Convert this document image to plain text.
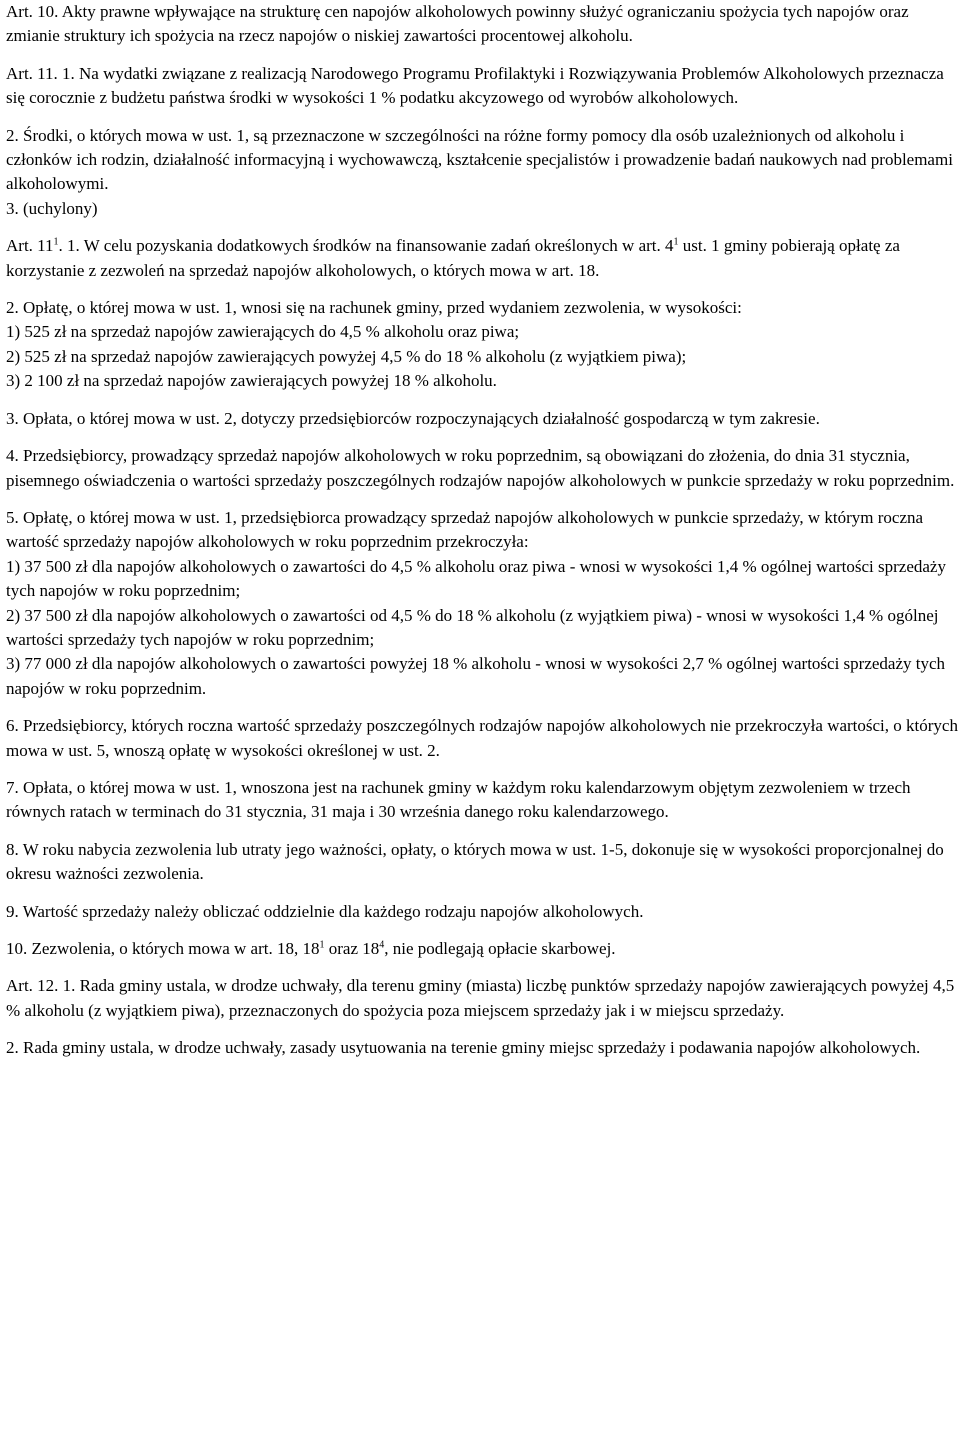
Art. 10. Akty prawne wpływające na strukturę cen napojów alkoholowych powinny służyć ograniczaniu spożycia tych napojów oraz zmianie struktury ich spożycia na rzecz napojów o niskiej zawartości procentowej alkoholu.

Art. 11. 1. Na wydatki związane z realizacją Narodowego Programu Profilaktyki i Rozwiązywania Problemów Alkoholowych przeznacza się corocznie z budżetu państwa środki w wysokości 1 % podatku akcyzowego od wyrobów alkoholowych.

2. Środki, o których mowa w ust. 1, są przeznaczone w szczególności na różne formy pomocy dla osób uzależnionych od alkoholu i członków ich rodzin, działalność informacyjną i wychowawczą, kształcenie specjalistów i prowadzenie badań naukowych nad problemami alkoholowymi.

3. (uchylony)

Art. $11^1$. 1. W celu pozyskania dodatkowych środków na finansowanie zadań określonych w art. $4^1$ ust. 1 gminy pobierają opłatę za korzystanie z zezwoleń na sprzedaż napojów alkoholowych, o których mowa w art. 18.

2. Opłatę, o której mowa w ust. 1, wnosi się na rachunek gminy, przed wydaniem zezwolenia, w wysokości:

1) 525 zł na sprzedaż napojów zawierających do 4,5 % alkoholu oraz piwa;

2) 525 zł na sprzedaż napojów zawierających powyżej 4,5 % do 18 % alkoholu (z wyjątkiem piwa);

3) 2 100 zł na sprzedaż napojów zawierających powyżej 18 % alkoholu.

3. Opłata, o której mowa w ust. 2, dotyczy przedsiębiorców rozpoczynających działalność gospodarczą w tym zakresie.

4. Przedsiębiorcy, prowadzący sprzedaż napojów alkoholowych w roku poprzednim, są obowiązani do złożenia, do dnia 31 stycznia, pisemnego oświadczenia o wartości sprzedaży poszczególnych rodzajów napojów alkoholowych w punkcie sprzedaży w roku poprzednim.

5. Opłatę, o której mowa w ust. 1, przedsiębiorca prowadzący sprzedaż napojów alkoholowych w punkcie sprzedaży, w którym roczna wartość sprzedaży napojów alkoholowych w roku poprzednim przekroczyła:

1) 37 500 zł dla napojów alkoholowych o zawartości do 4,5 % alkoholu oraz piwa - wnosi w wysokości 1,4 % ogólnej wartości sprzedaży tych napojów w roku poprzednim;

2) 37 500 zł dla napojów alkoholowych o zawartości od 4,5 % do 18 % alkoholu (z wyjątkiem piwa) - wnosi w wysokości 1,4 % ogólnej wartości sprzedaży tych napojów w roku poprzednim;

3) 77 000 zł dla napojów alkoholowych o zawartości powyżej 18 % alkoholu - wnosi w wysokości 2,7 % ogólnej wartości sprzedaży tych napojów w roku poprzednim.

6. Przedsiębiorcy, których roczna wartość sprzedaży poszczególnych rodzajów napojów alkoholowych nie przekroczyła wartości, o których mowa w ust. 5, wnoszą opłatę w wysokości określonej w ust. 2.

7. Opłata, o której mowa w ust. 1, wnoszona jest na rachunek gminy w każdym roku kalendarzowym objętym zezwoleniem w trzech równych ratach w terminach do 31 stycznia, 31 maja i 30 września danego roku kalendarzowego.

8. W roku nabycia zezwolenia lub utraty jego ważności, opłaty, o których mowa w ust. 1-5, dokonuje się w wysokości proporcjonalnej do okresu ważności zezwolenia.

9. Wartość sprzedaży należy obliczać oddzielnie dla każdego rodzaju napojów alkoholowych.

10. Zezwolenia, o których mowa w art. 18, $18^1$ oraz $18^4$, nie podlegają opłacie skarbowej.

Art. 12. 1. Rada gminy ustala, w drodze uchwały, dla terenu gminy (miasta) liczbę punktów sprzedaży napojów zawierających powyżej 4,5 % alkoholu (z wyjątkiem piwa), przeznaczonych do spożycia poza miejscem sprzedaży jak i w miejscu sprzedaży.

2. Rada gminy ustala, w drodze uchwały, zasady usytuowania na terenie gminy miejsc sprzedaży i podawania napojów alkoholowych.
